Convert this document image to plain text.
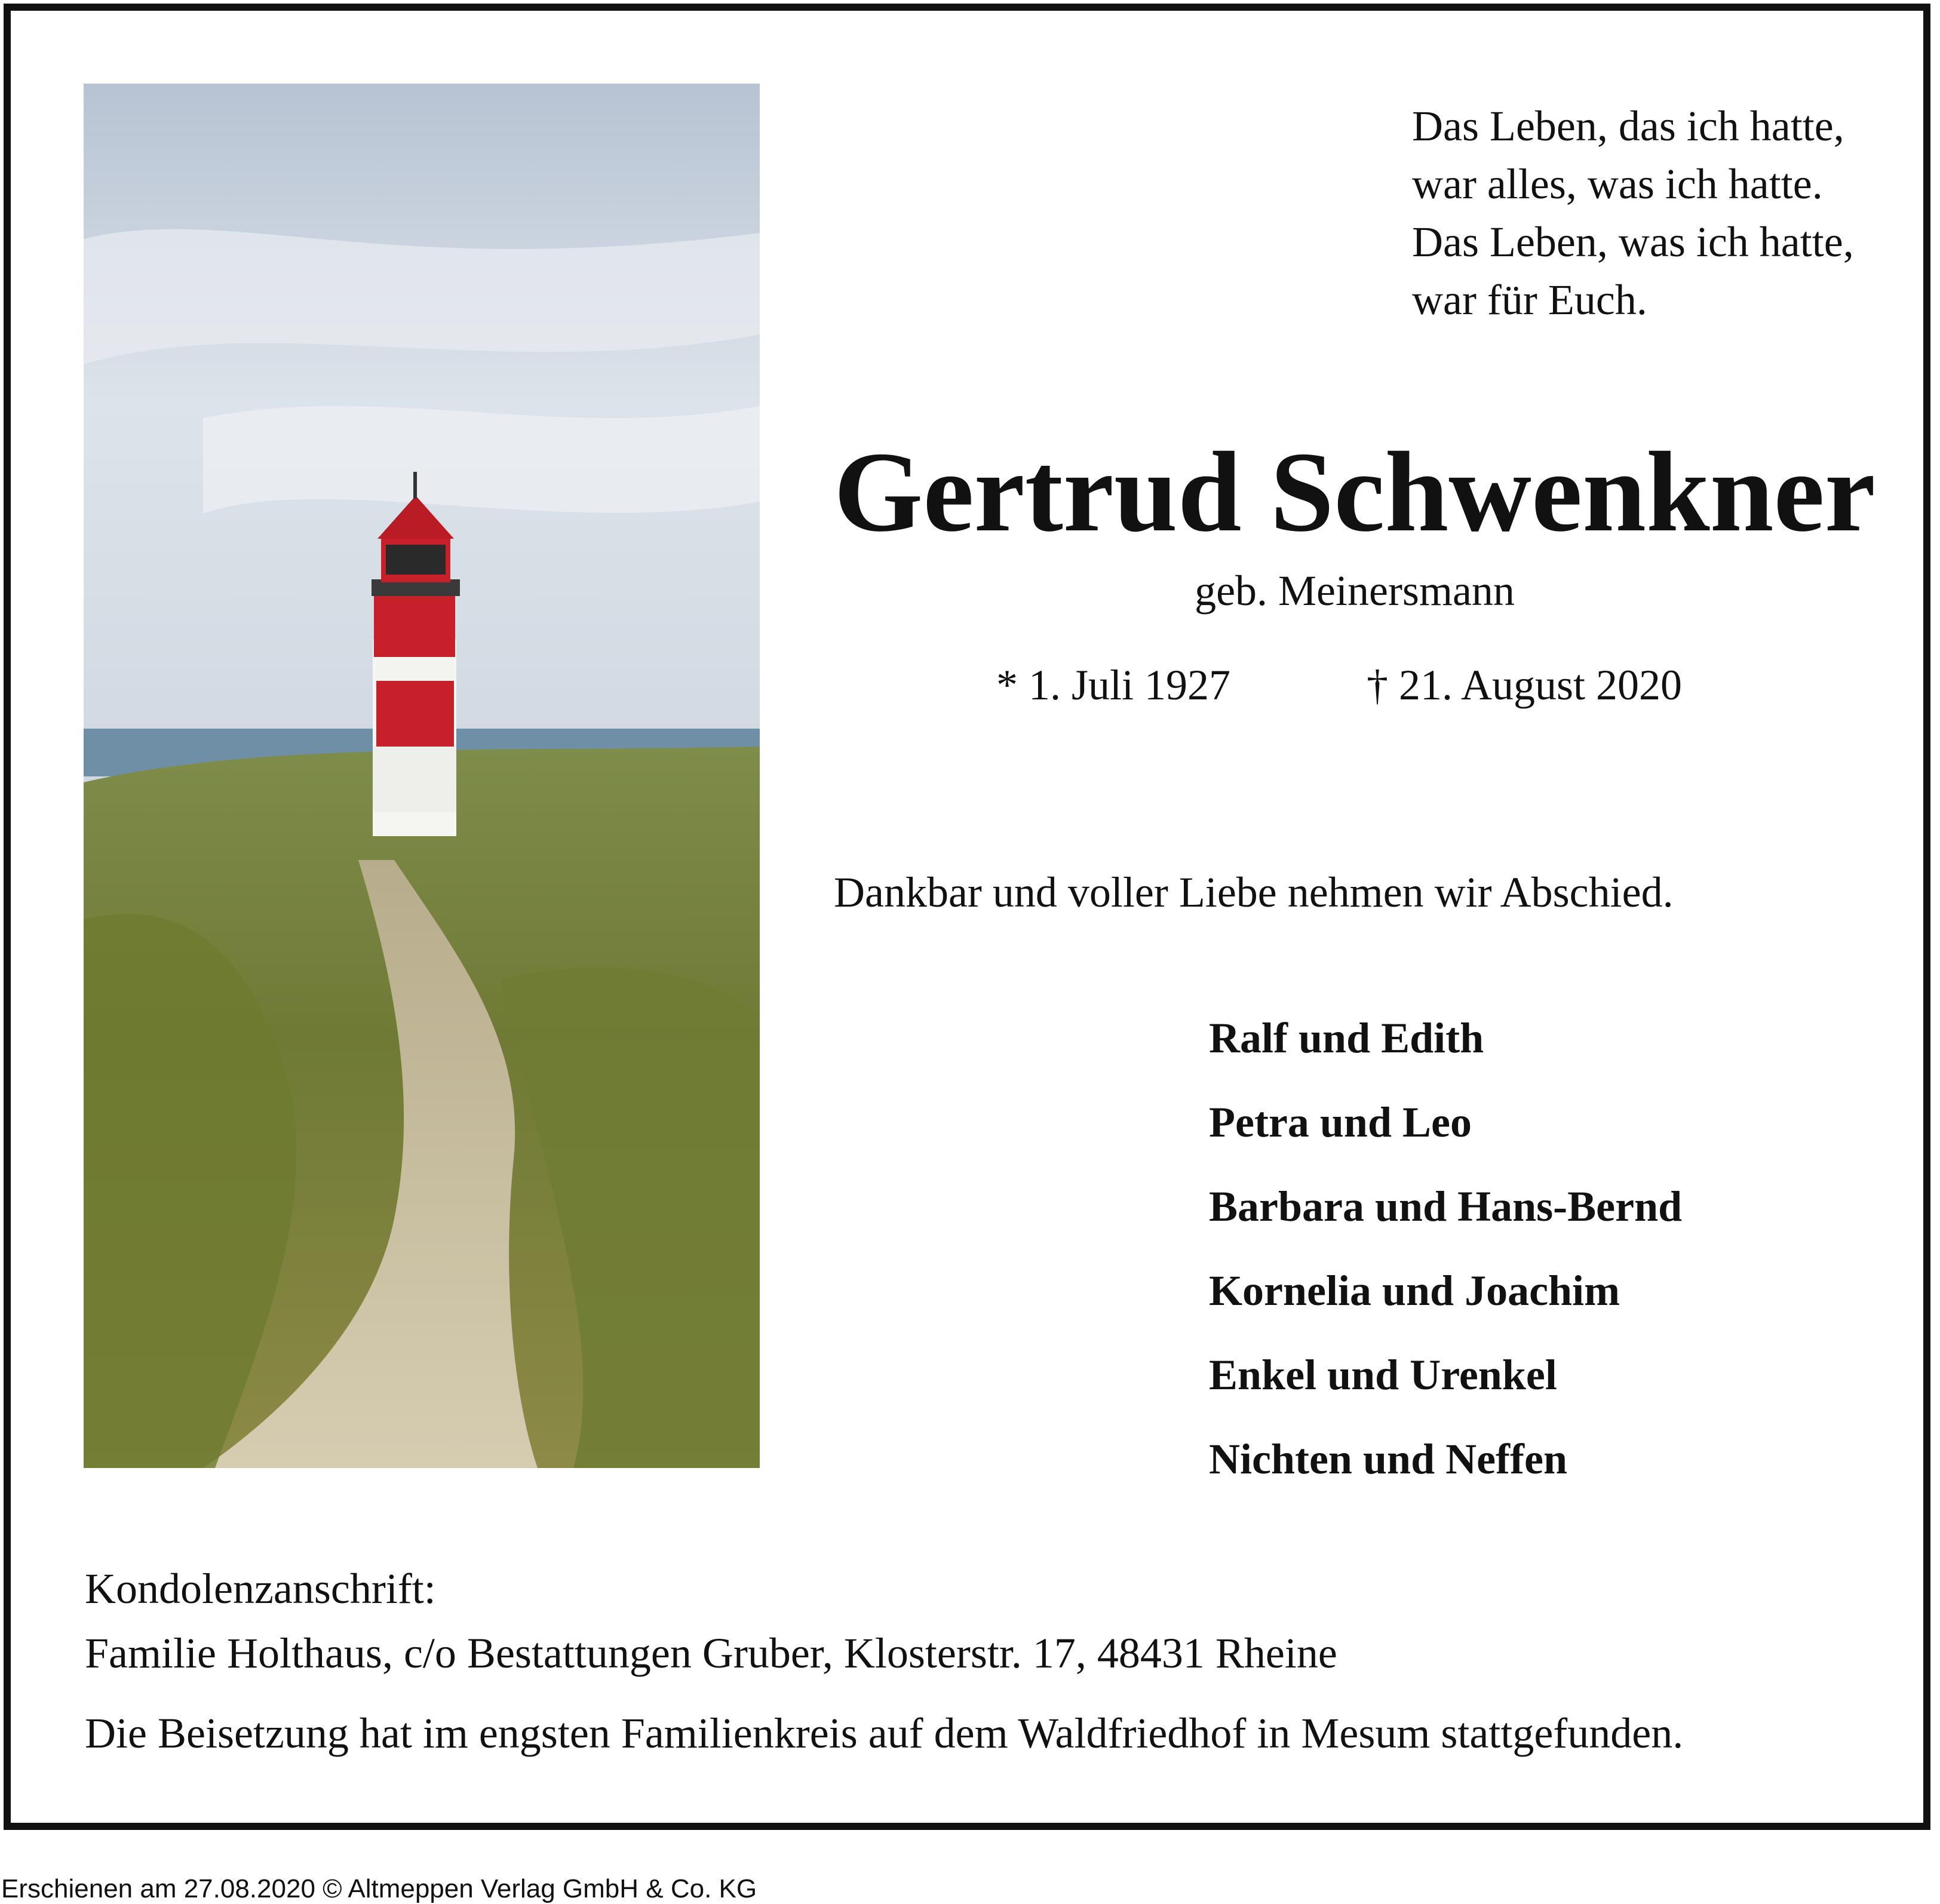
Das Leben, das ich hatte,
war alles, was ich hatte.
Das Leben, was ich hatte,
war für Euch.
Gertrud Schwenkner
geb. Meinersmann
* 1. Juli 1927	† 21. August 2020
Dankbar und voller Liebe nehmen wir Abschied.
Ralf und Edith
Petra und Leo
Barbara und Hans-Bernd
Kornelia und Joachim
Enkel und Urenkel
Nichten und Neffen
Kondolenzanschrift:
Familie Holthaus, c/o Bestattungen Gruber, Klosterstr. 17, 48431 Rheine
Die Beisetzung hat im engsten Familienkreis auf dem Waldfriedhof in Mesum stattgefunden.
Erschienen am 27.08.2020 © Altmeppen Verlag GmbH & Co. KG
